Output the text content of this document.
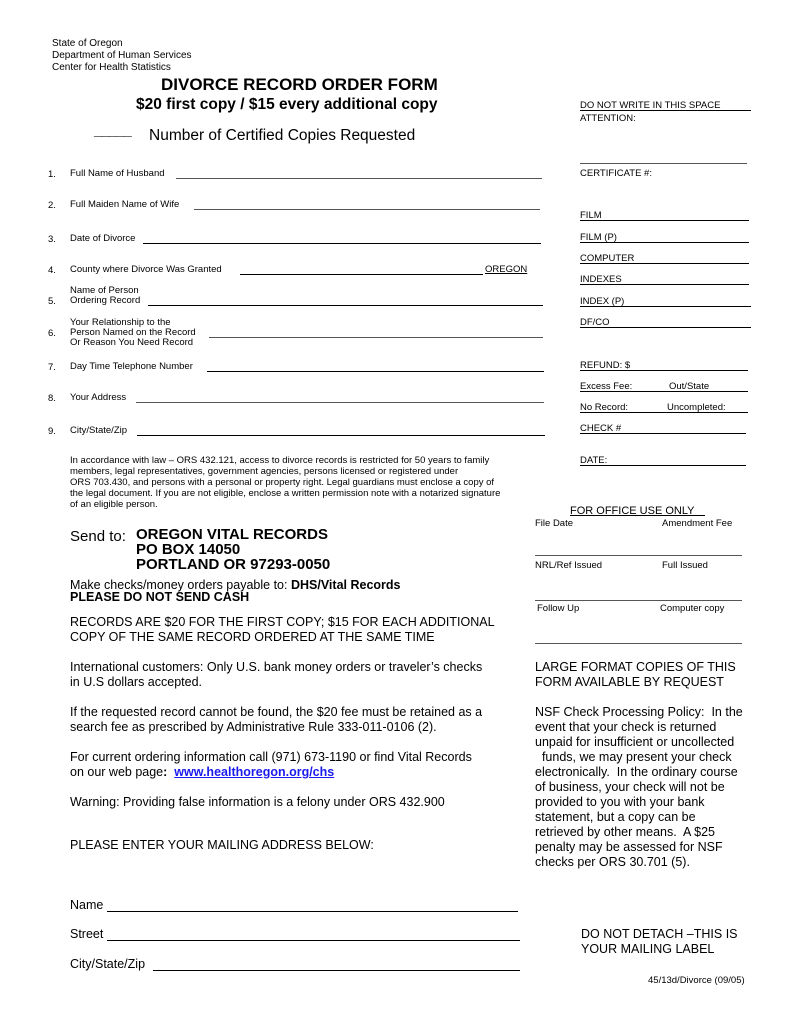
State of Oregon
Department of Human Services
Center for Health Statistics
DIVORCE RECORD ORDER FORM
$20 first copy / $15 every additional copy
_____ Number of Certified Copies Requested
1. Full Name of Husband
2. Full Maiden Name of Wife
3. Date of Divorce
4. County where Divorce Was Granted	OREGON
Name of Person
5. Ordering Record
Your Relationship to the
6. Person Named on the Record
Or Reason You Need Record
7. Day Time Telephone Number
8. Your Address
9. City/State/Zip
In accordance with law – ORS 432.121, access to divorce records is restricted for 50 years to family
members, legal representatives, government agencies, persons licensed or registered under
ORS 703.430, and persons with a personal or property right. Legal guardians must enclose a copy of
the legal document. If you are not eligible, enclose a written permission note with a notarized signature
of an eligible person.
Send to: OREGON VITAL RECORDS
PO BOX 14050
PORTLAND OR 97293-0050
Make checks/money orders payable to: DHS/Vital Records
PLEASE DO NOT SEND CASH
RECORDS ARE $20 FOR THE FIRST COPY; $15 FOR EACH ADDITIONAL
COPY OF THE SAME RECORD ORDERED AT THE SAME TIME
International customers: Only U.S. bank money orders or traveler’s checks
in U.S dollars accepted.
If the requested record cannot be found, the $20 fee must be retained as a
search fee as prescribed by Administrative Rule 333-011-0106 (2).
For current ordering information call (971) 673-1190 or find Vital Records
on our web page:  www.healthoregon.org/chs
Warning: Providing false information is a felony under ORS 432.900
PLEASE ENTER YOUR MAILING ADDRESS BELOW:
Name
Street
City/State/Zip
DO NOT WRITE IN THIS SPACE
ATTENTION:
CERTIFICATE #:
FILM
FILM (P)
COMPUTER
INDEXES
INDEX (P)
DF/CO
REFUND: $
Excess Fee:	Out/State
No Record:	Uncompleted:
CHECK #
DATE:
FOR OFFICE USE ONLY
File Date	Amendment Fee
NRL/Ref Issued	Full Issued
Follow Up	Computer copy
LARGE FORMAT COPIES OF THIS
FORM AVAILABLE BY REQUEST
NSF Check Processing Policy:  In the
event that your check is returned
unpaid for insufficient or uncollected
funds, we may present your check
electronically.  In the ordinary course
of business, your check will not be
provided to you with your bank
statement, but a copy can be
retrieved by other means.  A $25
penalty may be assessed for NSF
checks per ORS 30.701 (5).
DO NOT DETACH –THIS IS
YOUR MAILING LABEL
45/13d/Divorce (09/05)
